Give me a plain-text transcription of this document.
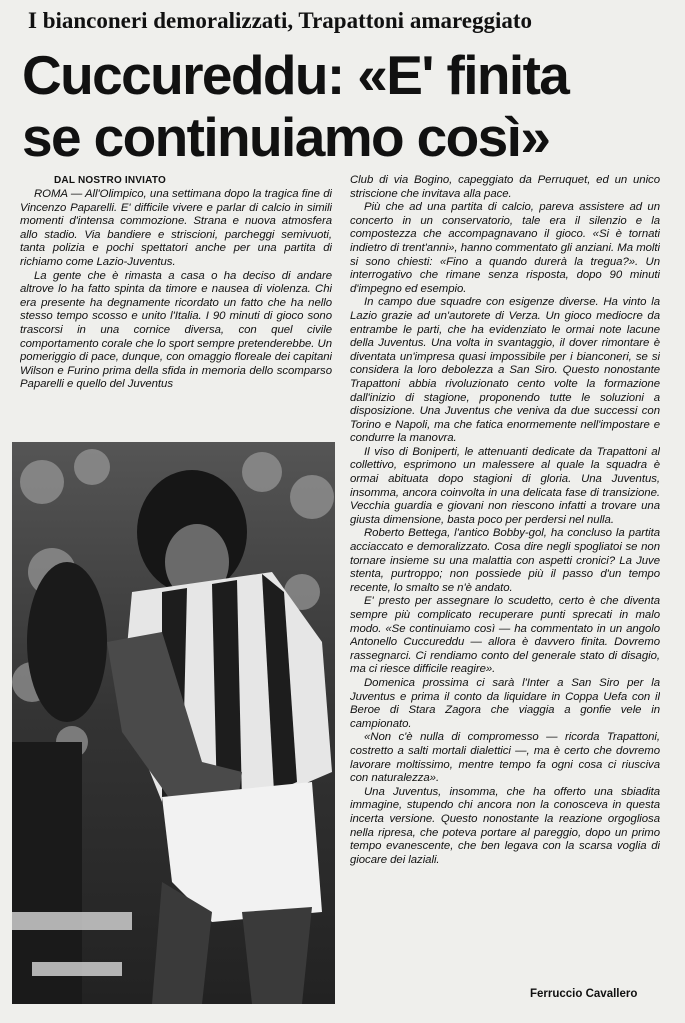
I bianconeri demoralizzati, Trapattoni amareggiato
Cuccureddu: «E' finita
se continuiamo così»
DAL NOSTRO INVIATO

ROMA — All'Olimpico, una settimana dopo la tragica fine di Vincenzo Paparelli. E' difficile vivere e parlar di calcio in simili momenti d'intensa commozione. Strana e nuova atmosfera allo stadio. Via bandiere e striscioni, parcheggi semivuoti, tanta polizia e pochi spettatori anche per una partita di richiamo come Lazio-Juventus.

La gente che è rimasta a casa o ha deciso di andare altrove lo ha fatto spinta da timore e nausea di violenza. Chi era presente ha degnamente ricordato un fatto che ha nello stesso tempo scosso e unito l'Italia. I 90 minuti di gioco sono trascorsi in una cornice diversa, con quel civile comportamento corale che lo sport sempre pretenderebbe. Un pomeriggio di pace, dunque, con omaggio floreale dei capitani Wilson e Furino prima della sfida in memoria dello scomparso Paparelli e quello del Juventus

Club di via Bogino, capeggiato da Perruquet, ed un unico striscione che invitava alla pace.

Più che ad una partita di calcio, pareva assistere ad un concerto in un conservatorio, tale era il silenzio e la compostezza che accompagnavano il gioco. «Si è tornati indietro di trent'anni», hanno commentato gli anziani. Ma molti si sono chiesti: «Fino a quando durerà la tregua?». Un interrogativo che rimane senza risposta, dopo 90 minuti d'impegno ed esempio.

In campo due squadre con esigenze diverse. Ha vinto la Lazio grazie ad un'autorete di Verza. Un gioco mediocre da entrambe le parti, che ha evidenziato le ormai note lacune della Juventus. Una volta in svantaggio, il dover rimontare è diventata un'impresa quasi impossibile per i bianconeri, se si considera la loro debolezza a San Siro. Questo nonostante Trapattoni abbia rivoluzionato cento volte la formazione dall'inizio di stagione, proponendo tutte le soluzioni a disposizione. Una Juventus che veniva da due successi con Torino e Napoli, ma che fatica enormemente nell'impostare e condurre la manovra.

Il viso di Boniperti, le attenuanti dedicate da Trapattoni al collettivo, esprimono un malessere al quale la squadra è ormai abituata dopo stagioni di gloria. Una Juventus, insomma, ancora coinvolta in una delicata fase di transizione. Vecchia guardia e giovani non riescono infatti a trovare una giusta dimensione, basta poco per perdersi nel nulla.

Roberto Bettega, l'antico Bobby-gol, ha concluso la partita acciaccato e demoralizzato. Cosa dire negli spogliatoi se non tornare insieme su una malattia con aspetti cronici? La Juve stenta, purtroppo; non possiede più il passo d'un tempo recente, lo smalto se n'è andato.

E' presto per assegnare lo scudetto, certo è che diventa sempre più complicato recuperare punti sprecati in malo modo. «Se continuiamo così — ha commentato in un angolo Antonello Cuccureddu — allora è davvero finita. Dovremo rassegnarci. Ci rendiamo conto del generale stato di disagio, ma ci riesce difficile reagire».

Domenica prossima ci sarà l'Inter a San Siro per la Juventus e prima il conto da liquidare in Coppa Uefa con il Beroe di Stara Zagora che viaggia a gonfie vele in campionato.

«Non c'è nulla di compromesso — ricorda Trapattoni, costretto a salti mortali dialettici —, ma è certo che dovremo lavorare moltissimo, mentre tempo fa ogni cosa ci riusciva con naturalezza».

Una Juventus, insomma, che ha offerto una sbiadita immagine, stupendo chi ancora non la conosceva in questa incerta versione. Questo nonostante la reazione orgogliosa nella ripresa, che poteva portare al pareggio, dopo un primo tempo evanescente, che ben legava con la scarsa voglia di giocare dei laziali.

Ferruccio Cavallero
